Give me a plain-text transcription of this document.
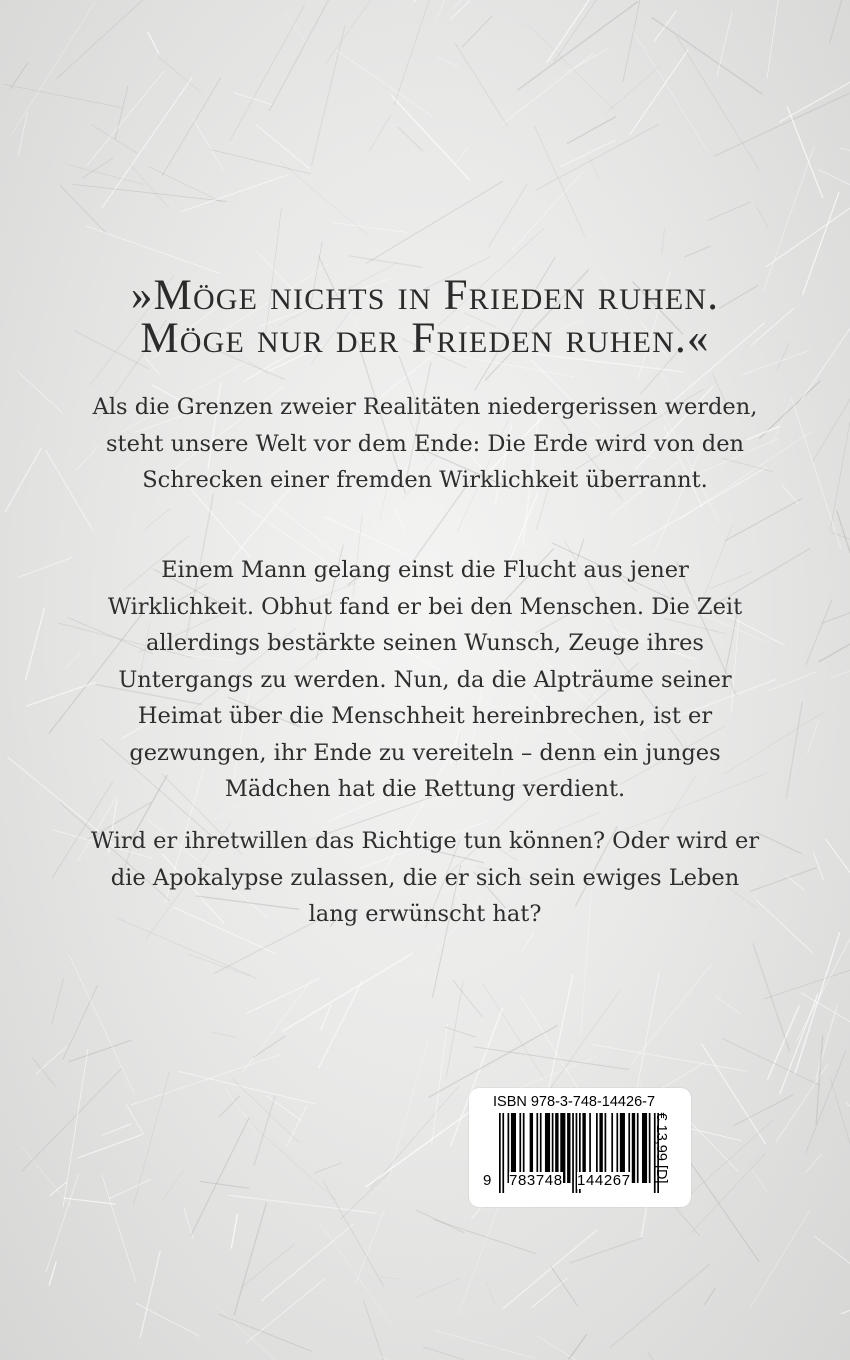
»Möge nichts in Frieden ruhen.

Möge nur der Frieden ruhen.«

Als die Grenzen zweier Realitäten niedergerissen werden, steht unsere Welt vor dem Ende: Die Erde wird von den Schrecken einer fremden Wirklichkeit überrannt.

Einem Mann gelang einst die Flucht aus jener Wirklichkeit. Obhut fand er bei den Menschen. Die Zeit allerdings bestärkte seinen Wunsch, Zeuge ihres Untergangs zu werden. Nun, da die Alpträume seiner Heimat über die Menschheit hereinbrechen, ist er gezwungen, ihr Ende zu vereiteln – denn ein junges Mädchen hat die Rettung verdient.

Wird er ihretwillen das Richtige tun können? Oder wird er die Apokalypse zulassen, die er sich sein ewiges Leben lang erwünscht hat?

ISBN 978-3-748-14426-7

9 783748 144267 € 13,99 [D]
